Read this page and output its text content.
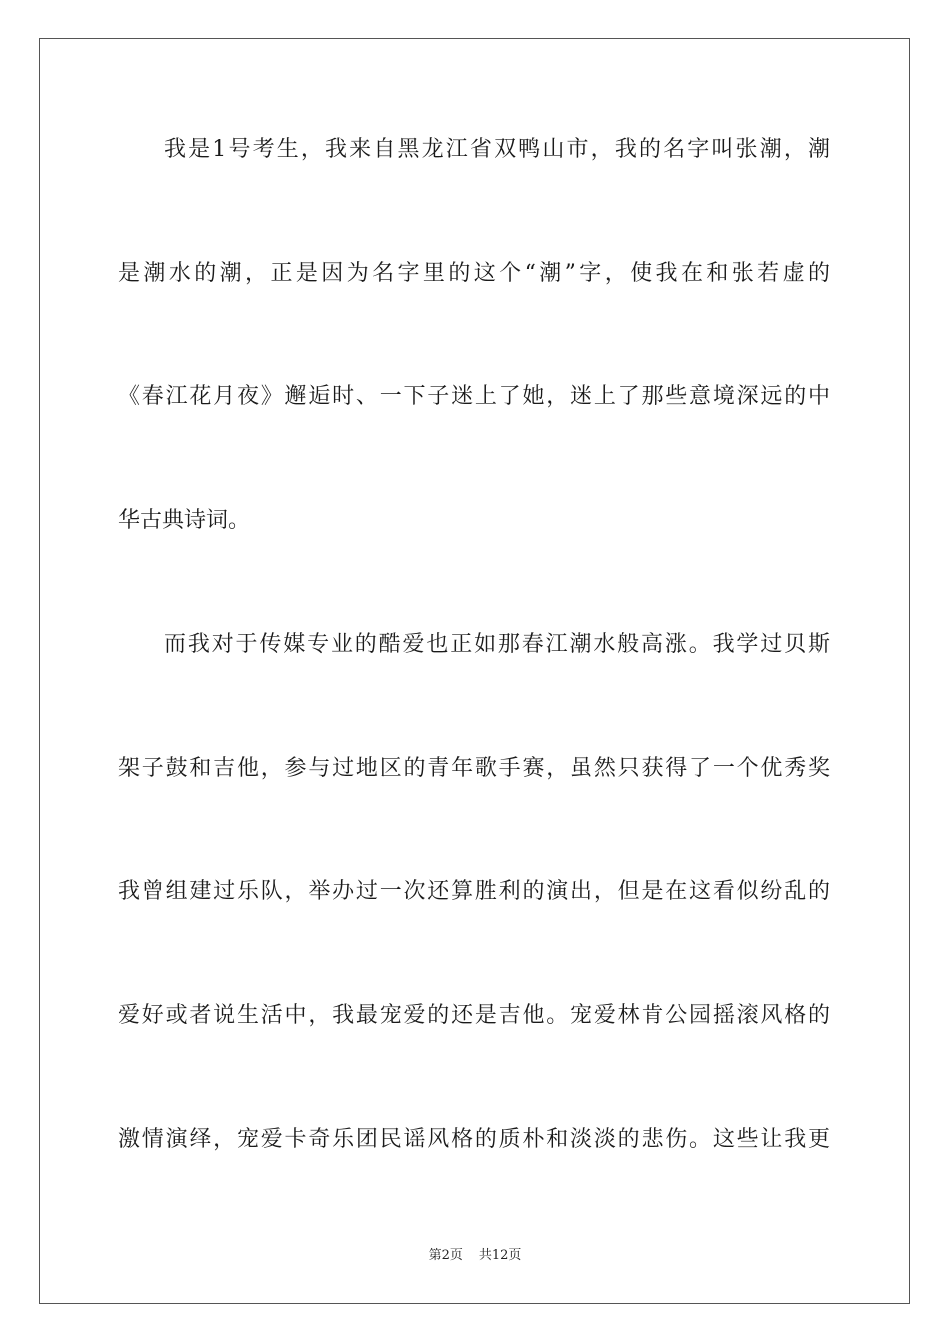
我是1号考生，我来自黑龙江省双鸭山市，我的名字叫张潮，潮
是潮水的潮，正是因为名字里的这个“潮”字，使我在和张若虚的
《春江花月夜》邂逅时、一下子迷上了她，迷上了那些意境深远的中
华古典诗词。
而我对于传媒专业的酷爱也正如那春江潮水般高涨。我学过贝斯
架子鼓和吉他，参与过地区的青年歌手赛，虽然只获得了一个优秀奖
我曾组建过乐队，举办过一次还算胜利的演出，但是在这看似纷乱的
爱好或者说生活中，我最宠爱的还是吉他。宠爱林肯公园摇滚风格的
激情演绎，宠爱卡奇乐团民谣风格的质朴和淡淡的悲伤。这些让我更
第2页 共12页
